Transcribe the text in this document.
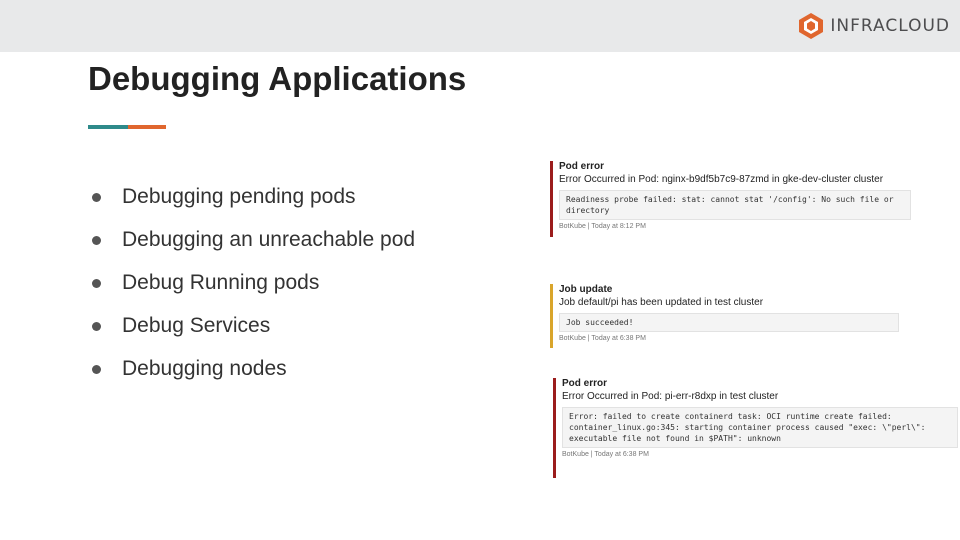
INFRACLOUD
Debugging Applications
Debugging pending pods
Debugging an unreachable pod
Debug Running pods
Debug Services
Debugging nodes
Pod error
Error Occurred in Pod: nginx-b9df5b7c9-87zmd in gke-dev-cluster cluster
Readiness probe failed: stat: cannot stat '/config': No such file or
directory
BotKube | Today at 8:12 PM
Job update
Job default/pi has been updated in test cluster
Job succeeded!
BotKube | Today at 6:38 PM
Pod error
Error Occurred in Pod: pi-err-r8dxp in test cluster
Error: failed to create containerd task: OCI runtime create failed:
container_linux.go:345: starting container process caused "exec: \"perl\":
executable file not found in $PATH": unknown
BotKube | Today at 6:38 PM
